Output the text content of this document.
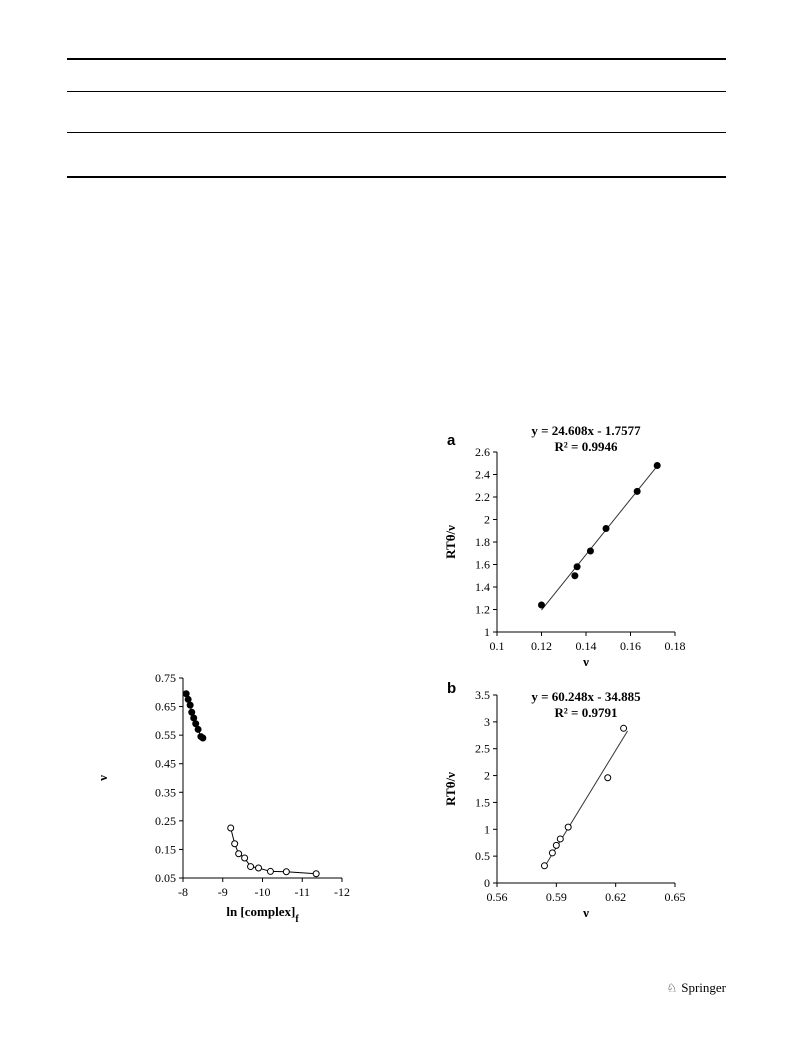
0.05
0.15
0.25
0.35
0.45
0.55
0.65
0.75
-8 -9 -10 -11 -12
ν
$\ln [complex]_f$
1
1.2
1.4
1.6
1.8
2
2.2
2.4
2.6
0.1 0.12 0.14 0.16 0.18
RTθ/ν
ν
a
y = 24.608x - 1.7577
R² = 0.9946
0
0.5
1
1.5
2
2.5
3
3.5
0.56	0.59	0.62	0.65
RTθ/ν
ν
b	y = 60.248x - 34.885
R² = 0.9791
♘ Springer
